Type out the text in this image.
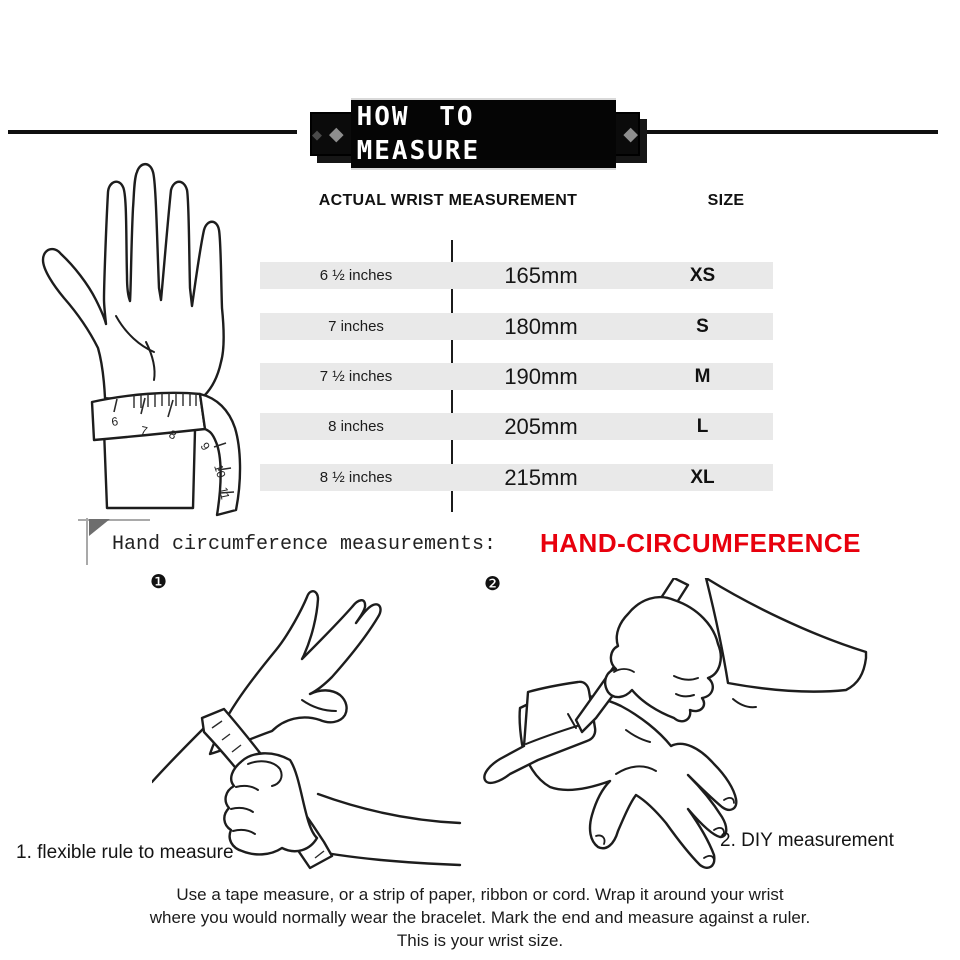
◆ ◆
HOW TO MEASURE
◆
ACTUAL WRIST MEASUREMENT	SIZE
6 ½ inches	165mm	XS
7 inches	180mm	S
7 ½ inches	190mm	M
8 inches	205mm	L
8 ½ inches	215mm	XL
6
7 8
9
10
11
Hand circumference measurements: HAND-CIRCUMFERENCE
❶	❷
1. flexible rule to measure
2. DIY measurement
Use a tape measure, or a strip of paper, ribbon or cord. Wrap it around your wrist
where you would normally wear the bracelet. Mark the end and measure against a ruler.
This is your wrist size.
